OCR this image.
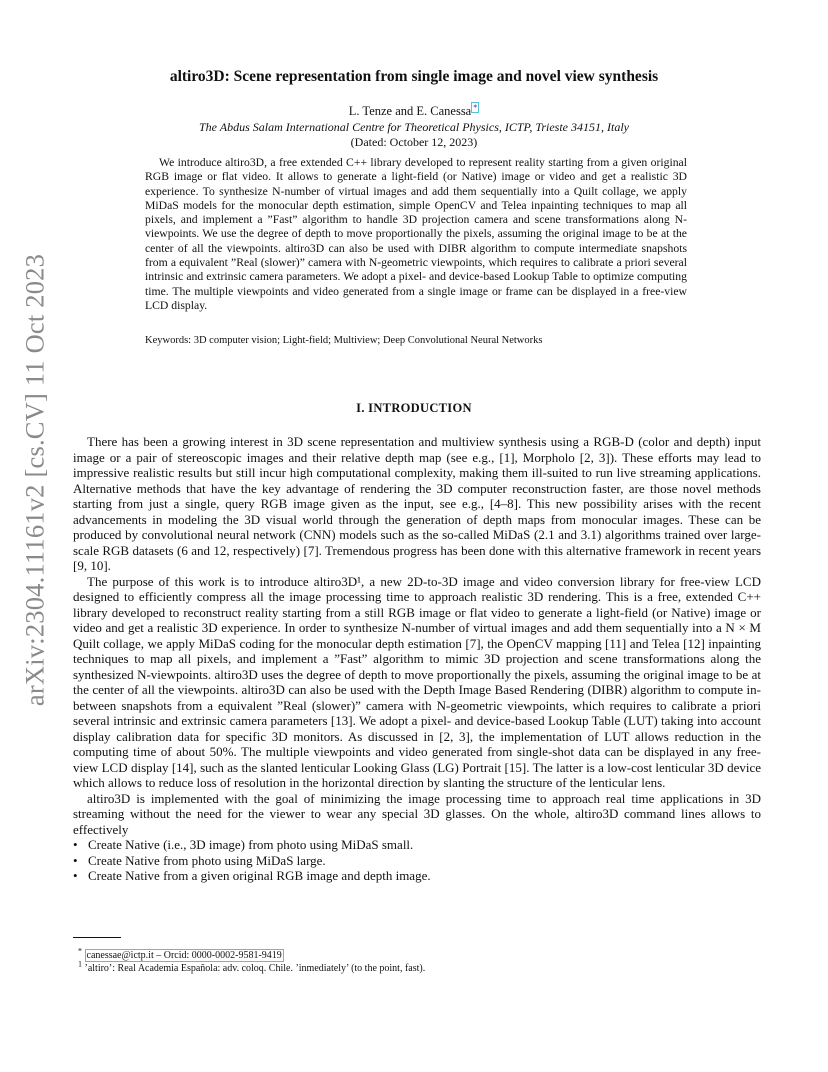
arXiv:2304.11161v2 [cs.CV] 11 Oct 2023
altiro3D: Scene representation from single image and novel view synthesis
L. Tenze and E. Canessa *
The Abdus Salam International Centre for Theoretical Physics, ICTP, Trieste 34151, Italy
(Dated: October 12, 2023)
We introduce altiro3D, a free extended C++ library developed to represent reality starting from a given original RGB image or flat video. It allows to generate a light-field (or Native) image or video and get a realistic 3D experience. To synthesize N-number of virtual images and add them sequentially into a Quilt collage, we apply MiDaS models for the monocular depth estimation, simple OpenCV and Telea inpainting techniques to map all pixels, and implement a ”Fast” algorithm to handle 3D projection camera and scene transformations along N-viewpoints. We use the degree of depth to move proportionally the pixels, assuming the original image to be at the center of all the viewpoints. altiro3D can also be used with DIBR algorithm to compute intermediate snapshots from a equivalent ”Real (slower)” camera with N-geometric viewpoints, which requires to calibrate a priori several intrinsic and extrinsic camera parameters. We adopt a pixel- and device-based Lookup Table to optimize computing time. The multiple viewpoints and video generated from a single image or frame can be displayed in a free-view LCD display.
Keywords: 3D computer vision; Light-field; Multiview; Deep Convolutional Neural Networks
I. INTRODUCTION

There has been a growing interest in 3D scene representation and multiview synthesis using a RGB-D (color and depth) input image or a pair of stereoscopic images and their relative depth map (see e.g., [1], Morpholo [2, 3]). These efforts may lead to impressive realistic results but still incur high computational complexity, making them ill-suited to run live streaming applications. Alternative methods that have the key advantage of rendering the 3D computer reconstruction faster, are those novel methods starting from just a single, query RGB image given as the input, see e.g., [4–8]. This new possibility arises with the recent advancements in modeling the 3D visual world through the generation of depth maps from monocular images. These can be produced by convolutional neural network (CNN) models such as the so-called MiDaS (2.1 and 3.1) algorithms trained over large-scale RGB datasets (6 and 12, respectively) [7]. Tremendous progress has been done with this alternative framework in recent years [9, 10].

The purpose of this work is to introduce altiro3D¹, a new 2D-to-3D image and video conversion library for free-view LCD designed to efficiently compress all the image processing time to approach realistic 3D rendering. This is a free, extended C++ library developed to reconstruct reality starting from a still RGB image or flat video to generate a light-field (or Native) image or video and get a realistic 3D experience. In order to synthesize N-number of virtual images and add them sequentially into a N × M Quilt collage, we apply MiDaS coding for the monocular depth estimation [7], the OpenCV mapping [11] and Telea [12] inpainting techniques to map all pixels, and implement a ”Fast” algorithm to mimic 3D projection and scene transformations along the synthesized N-viewpoints. altiro3D uses the degree of depth to move proportionally the pixels, assuming the original image to be at the center of all the viewpoints. altiro3D can also be used with the Depth Image Based Rendering (DIBR) algorithm to compute in-between snapshots from a equivalent ”Real (slower)” camera with N-geometric viewpoints, which requires to calibrate a priori several intrinsic and extrinsic camera parameters [13]. We adopt a pixel- and device-based Lookup Table (LUT) taking into account display calibration data for specific 3D monitors. As discussed in [2, 3], the implementation of LUT allows reduction in the computing time of about 50%. The multiple viewpoints and video generated from single-shot data can be displayed in any free-view LCD display [14], such as the slanted lenticular Looking Glass (LG) Portrait [15]. The latter is a low-cost lenticular 3D device which allows to reduce loss of resolution in the horizontal direction by slanting the structure of the lenticular lens.

altiro3D is implemented with the goal of minimizing the image processing time to approach real time applications in 3D streaming without the need for the viewer to wear any special 3D glasses. On the whole, altiro3D command lines allows to effectively

• Create Native (i.e., 3D image) from photo using MiDaS small.
• Create Native from photo using MiDaS large.
• Create Native from a given original RGB image and depth image.
* canessae@ictp.it – Orcid: 0000-0002-9581-9419
$^1$ ’altiro’: Real Academia Española: adv. coloq. Chile. ’inmediately’ (to the point, fast).
